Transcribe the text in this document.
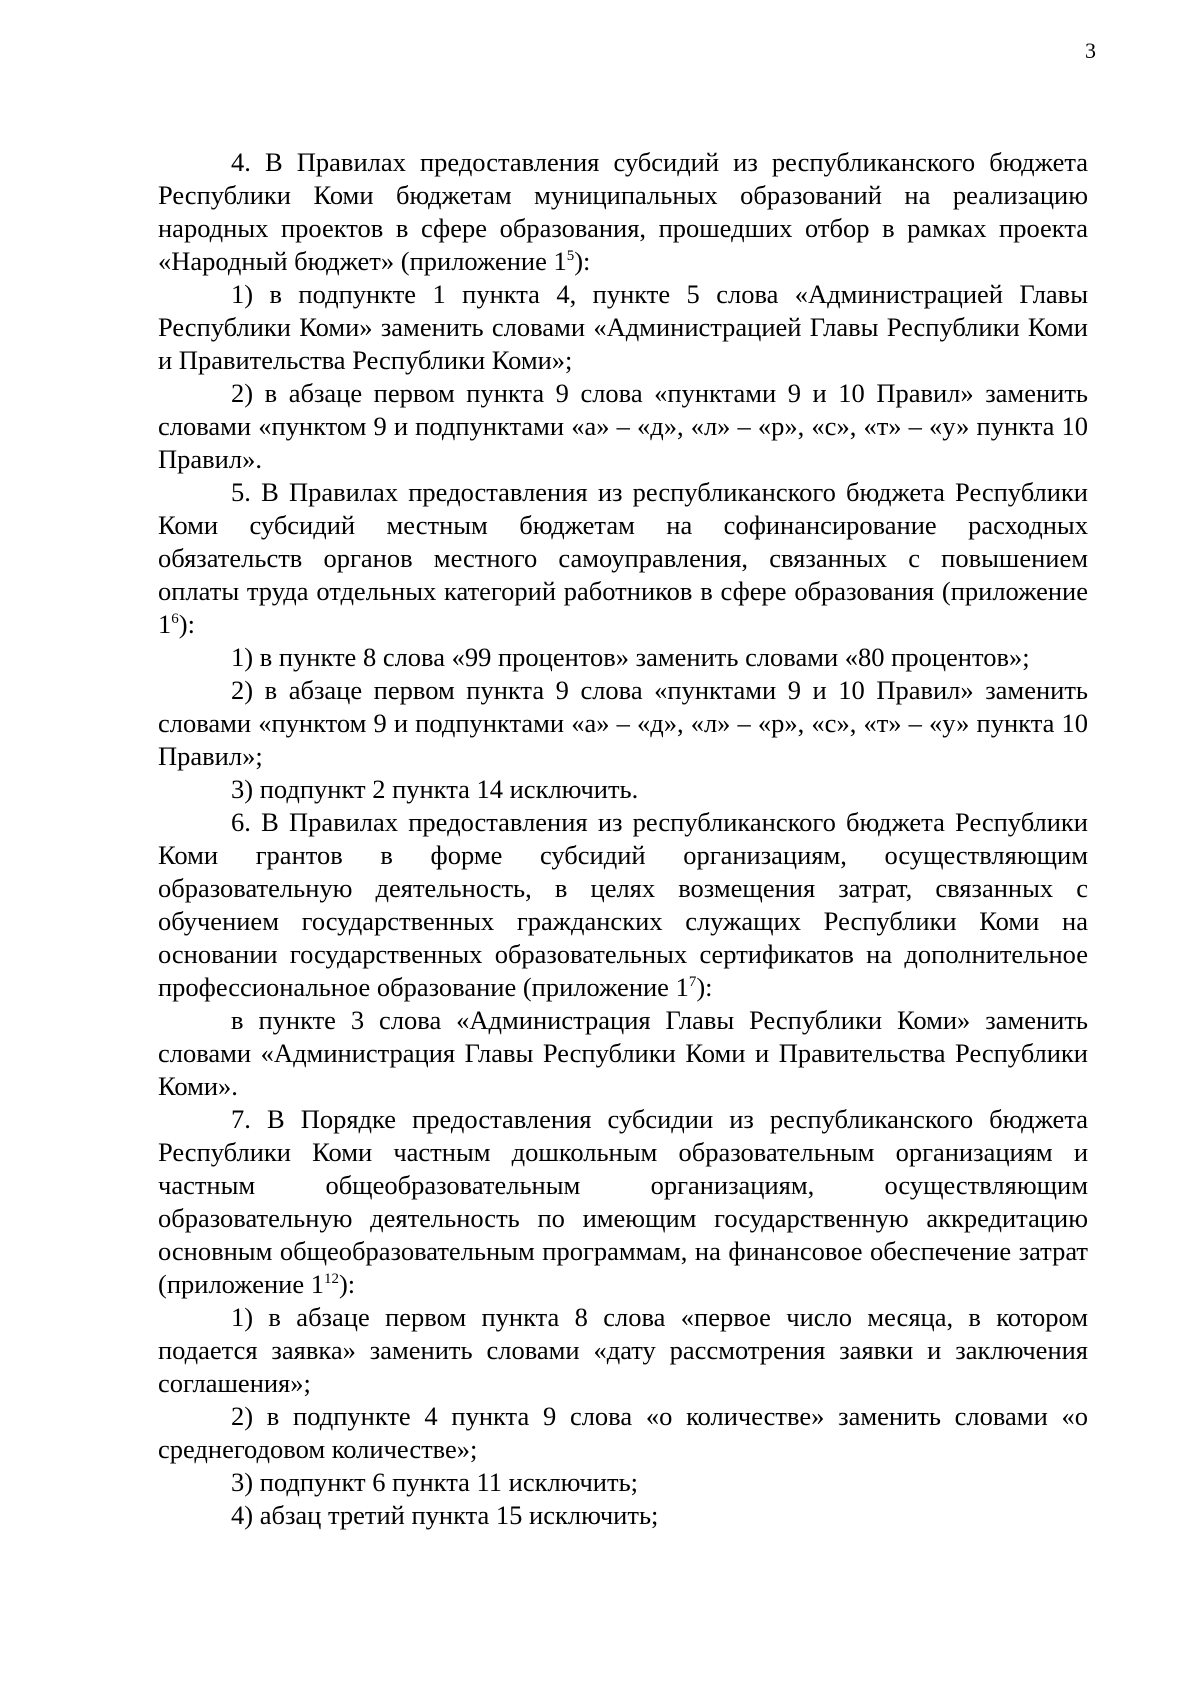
3

4. В Правилах предоставления субсидий из республиканского бюджета Республики Коми бюджетам муниципальных образований на реализацию народных проектов в сфере образования, прошедших отбор в рамках проекта «Народный бюджет» (приложение $1^5$):

1) в подпункте 1 пункта 4, пункте 5 слова «Администрацией Главы Республики Коми» заменить словами «Администрацией Главы Республики Коми и Правительства Республики Коми»;

2) в абзаце первом пункта 9 слова «пунктами 9 и 10 Правил» заменить словами «пунктом 9 и подпунктами «а» – «д», «л» – «р», «с», «т» – «у» пункта 10 Правил».

5. В Правилах предоставления из республиканского бюджета Республики Коми субсидий местным бюджетам на софинансирование расходных обязательств органов местного самоуправления, связанных с повышением оплаты труда отдельных категорий работников в сфере образования (приложение $1^6$):

1) в пункте 8 слова «99 процентов» заменить словами «80 процентов»;

2) в абзаце первом пункта 9 слова «пунктами 9 и 10 Правил» заменить словами «пунктом 9 и подпунктами «а» – «д», «л» – «р», «с», «т» – «у» пункта 10 Правил»;

3) подпункт 2 пункта 14 исключить.

6. В Правилах предоставления из республиканского бюджета Республики Коми грантов в форме субсидий организациям, осуществляющим образовательную деятельность, в целях возмещения затрат, связанных с обучением государственных гражданских служащих Республики Коми на основании государственных образовательных сертификатов на дополнительное профессиональное образование (приложение $1^7$):

в пункте 3 слова «Администрация Главы Республики Коми» заменить словами «Администрация Главы Республики Коми и Правительства Республики Коми».

7. В Порядке предоставления субсидии из республиканского бюджета Республики Коми частным дошкольным образовательным организациям и частным общеобразовательным организациям, осуществляющим образовательную деятельность по имеющим государственную аккредитацию основным общеобразовательным программам, на финансовое обеспечение затрат (приложение $1^{12}$):

1) в абзаце первом пункта 8 слова «первое число месяца, в котором подается заявка» заменить словами «дату рассмотрения заявки и заключения соглашения»;

2) в подпункте 4 пункта 9 слова «о количестве» заменить словами «о среднегодовом количестве»;

3) подпункт 6 пункта 11 исключить;

4) абзац третий пункта 15 исключить;
